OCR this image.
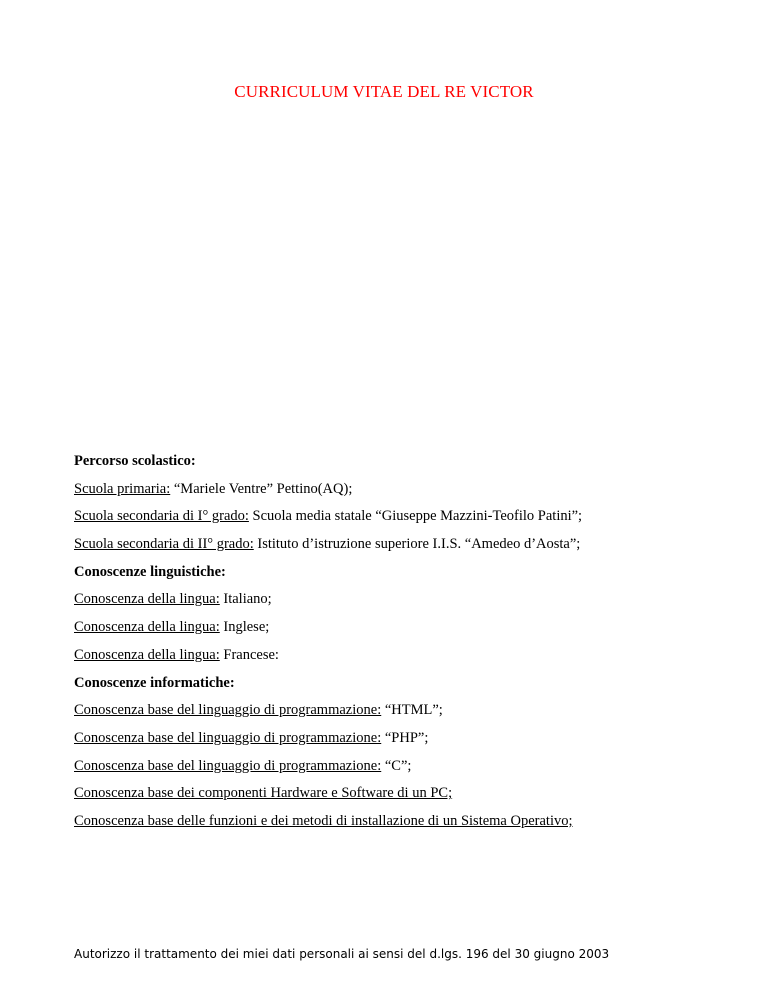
CURRICULUM VITAE DEL RE VICTOR
Percorso scolastico:
Scuola primaria: “Mariele Ventre” Pettino(AQ);
Scuola secondaria di I° grado: Scuola media statale “Giuseppe Mazzini-Teofilo Patini”;
Scuola secondaria di II° grado: Istituto d’istruzione superiore I.I.S. “Amedeo d’Aosta”;
Conoscenze linguistiche:
Conoscenza della lingua: Italiano;
Conoscenza della lingua: Inglese;
Conoscenza della lingua: Francese:
Conoscenze informatiche:
Conoscenza base del linguaggio di programmazione: “HTML”;
Conoscenza base del linguaggio di programmazione: “PHP”;
Conoscenza base del linguaggio di programmazione: “C”;
Conoscenza base dei componenti Hardware e Software di un PC;
Conoscenza base delle funzioni e dei metodi di installazione di un Sistema Operativo;
Autorizzo il trattamento dei miei dati personali ai sensi del d.lgs. 196 del 30 giugno 2003
